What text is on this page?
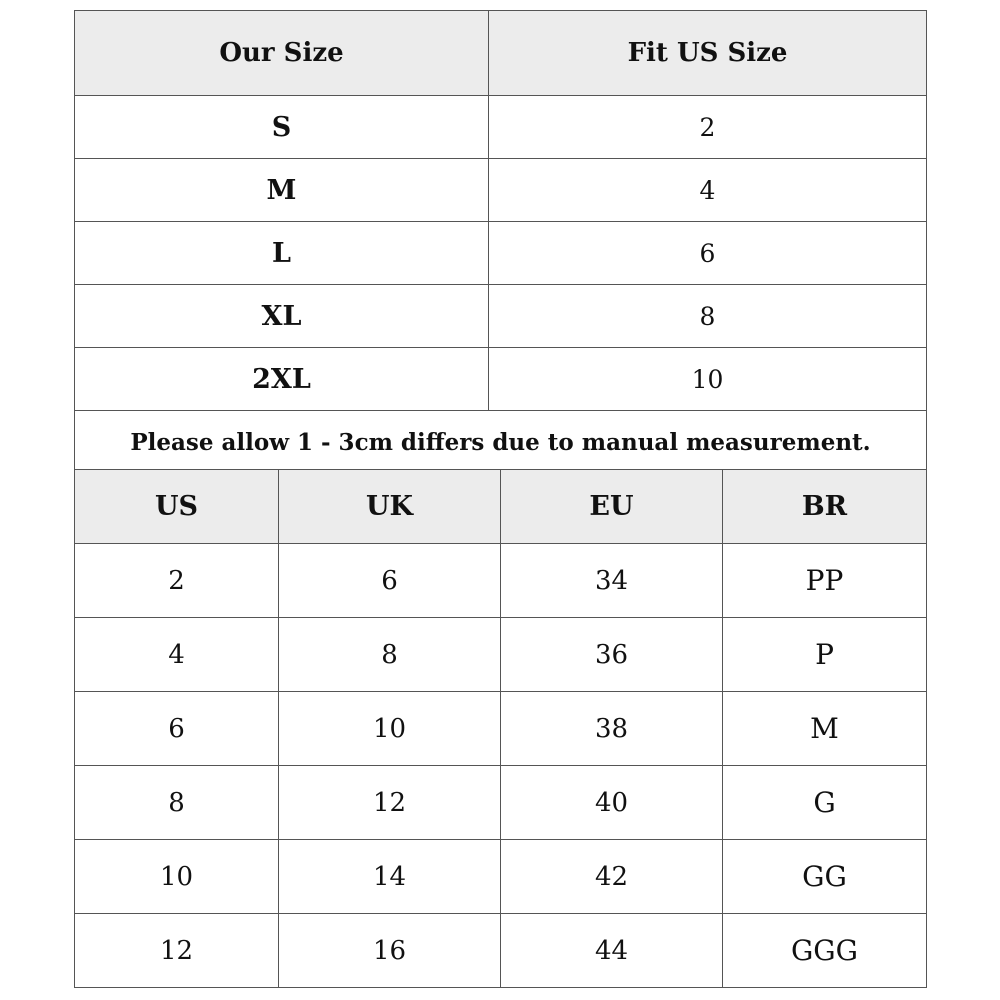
Our Size	Fit US Size
S	2
M	4
L	6
XL	8
2XL	10
Please allow 1 - 3cm differs due to manual measurement.	
US	UK	EU	BR
2	6	34	PP
4	8	36	P
6	10	38	M
8	12	40	G
10	14	42	GG
12	16	44	GGG
